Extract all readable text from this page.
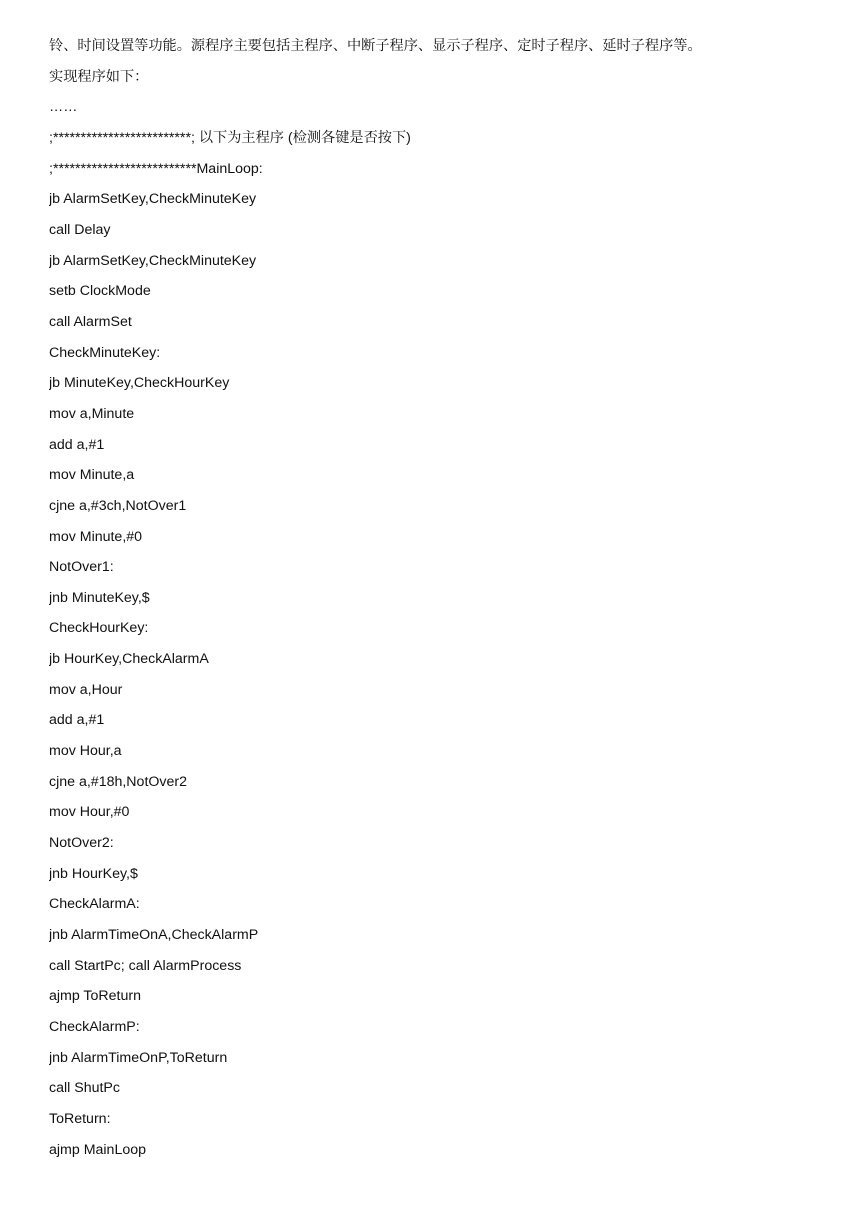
铃、时间设置等功能。源程序主要包括主程序、中断子程序、显示子程序、定时子程序、延时子程序等。
实现程序如下：
……
;*************************; 以下为主程序 (检测各键是否按下)
;**************************MainLoop:
jb AlarmSetKey,CheckMinuteKey
call Delay
jb AlarmSetKey,CheckMinuteKey
setb ClockMode
call AlarmSet
CheckMinuteKey:
jb MinuteKey,CheckHourKey
mov a,Minute
add a,#1
mov Minute,a
cjne a,#3ch,NotOver1
mov Minute,#0
NotOver1:
jnb MinuteKey,$
CheckHourKey:
jb HourKey,CheckAlarmA
mov a,Hour
add a,#1
mov Hour,a
cjne a,#18h,NotOver2
mov Hour,#0
NotOver2:
jnb HourKey,$
CheckAlarmA:
jnb AlarmTimeOnA,CheckAlarmP
call StartPc; call AlarmProcess
ajmp ToReturn
CheckAlarmP:
jnb AlarmTimeOnP,ToReturn
call ShutPc
ToReturn:
ajmp MainLoop
